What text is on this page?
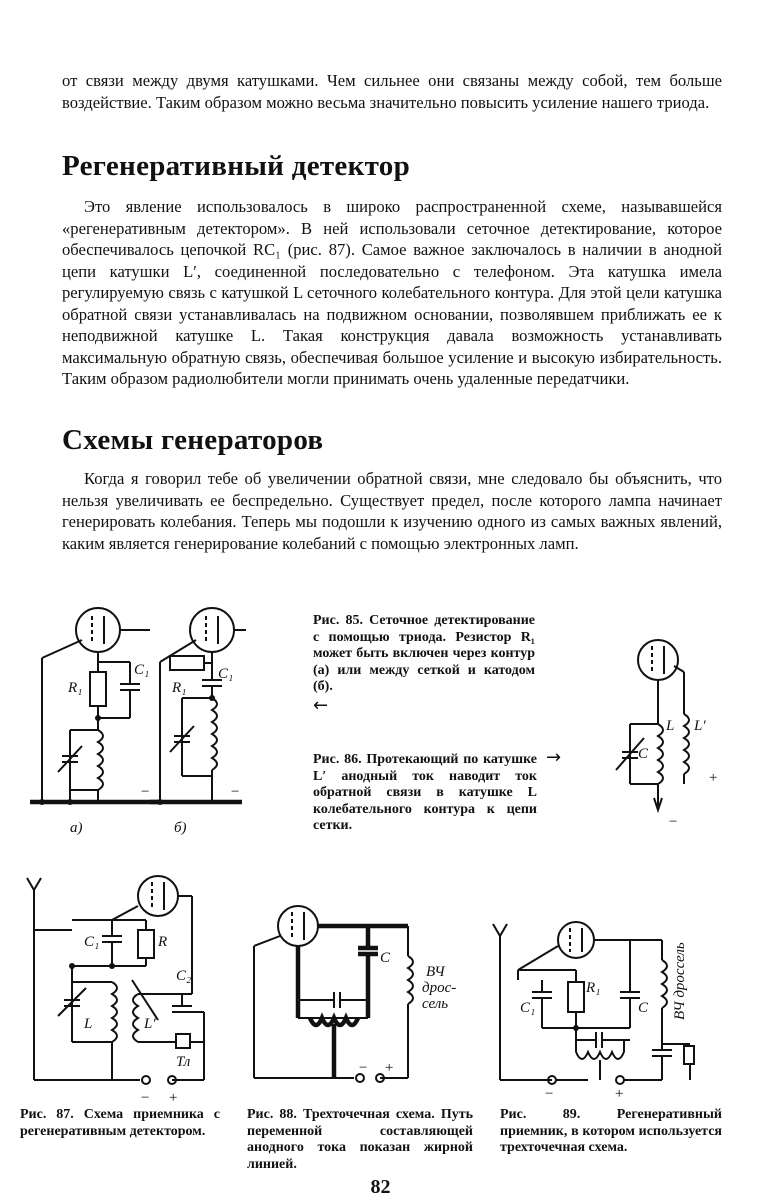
от связи между двумя катушками. Чем сильнее они связаны между собой, тем больше воздействие. Таким образом можно весьма значительно повысить усиление нашего триода.

Регенеративный детектор

Это явление использовалось в широко распространенной схеме, называвшейся «регенеративным детектором». В ней использовали сеточное детектирование, которое обеспечивалось цепочкой RC₁ (рис. 87). Самое важное заключалось в наличии в анодной цепи катушки L′, соединенной последовательно с телефоном. Эта катушка имела регулируемую связь с катушкой L сеточного колебательного контура. Для этой цели катушка обратной связи устанавливалась на подвижном основании, позволявшем приближать ее к неподвижной катушке L. Такая конструкция давала возможность устанавливать максимальную обратную связь, обеспечивая большое усиление и высокую избирательность. Таким образом радиолюбители могли принимать очень удаленные передатчики.

Схемы генераторов

Когда я говорил тебе об увеличении обратной связи, мне следовало бы объяснить, что нельзя увеличивать ее беспредельно. Существует предел, после которого лампа начинает генерировать колебания. Теперь мы подошли к изучению одного из самых важных явлений, каким является генерирование колебаний с помощью электронных ламп.

R₁
C₁
−
а)
R₁
C₁
−
б)

Рис. 85. Сеточное детектирование с помощью триода. Резистор R₁ может быть включен через контур (а) или между сеткой и катодом (б).

←

Рис. 86. Протекающий по катушке L′ анодный ток наводит ток обратной связи в катушке L колебательного контура к цепи сетки.

→	C
L L′
+
−
C₁	R
C₂
L	L′
Тл
− +
C
ВЧ
дрос-
сель
− +
C₁
R₁
C ВЧ дроссель
−	+

Рис. 87. Схема приемника с регенеративным детектором.

Рис. 88. Трехточечная схема. Путь переменной составляющей анодного тока показан жирной линией.

Рис. 89. Регенеративный приемник, в котором используется трехточечная схема.

82
